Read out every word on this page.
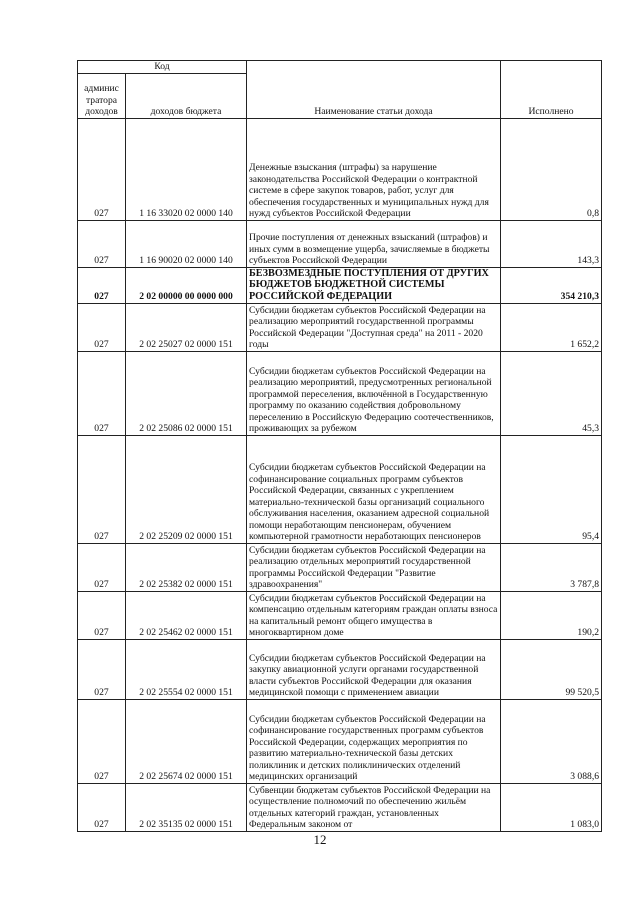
Код		Наименование статьи дохода	Исполнено
админис тратора доходов	доходов бюджета		
027	1 16 33020 02 0000 140	Денежные взыскания (штрафы) за нарушение законодательства Российской Федерации о контрактной системе в сфере закупок товаров, работ, услуг для обеспечения государственных и муниципальных нужд для нужд субъектов Российской Федерации	0,8
027	1 16 90020 02 0000 140	Прочие поступления от денежных взысканий (штрафов) и иных сумм в возмещение ущерба, зачисляемые в бюджеты субъектов Российской Федерации	143,3
027	2 02 00000 00 0000 000	БЕЗВОЗМЕЗДНЫЕ ПОСТУПЛЕНИЯ ОТ ДРУГИХ БЮДЖЕТОВ БЮДЖЕТНОЙ СИСТЕМЫ РОССИЙСКОЙ ФЕДЕРАЦИИ	354 210,3
027	2 02 25027 02 0000 151	Субсидии бюджетам субъектов Российской Федерации на реализацию мероприятий государственной программы Российской Федерации "Доступная среда" на 2011 - 2020 годы	1 652,2
027	2 02 25086 02 0000 151	Субсидии бюджетам субъектов Российской Федерации на реализацию мероприятий, предусмотренных региональной программой переселения, включённой в Государственную программу по оказанию содействия добровольному переселению в Российскую Федерацию соотечественников, проживающих за рубежом	45,3
027	2 02 25209 02 0000 151	Субсидии бюджетам субъектов Российской Федерации на софинансирование социальных программ субъектов Российской Федерации, связанных с укреплением материально-технической базы организаций социального обслуживания населения, оказанием адресной социальной помощи неработающим пенсионерам, обучением компьютерной грамотности неработающих пенсионеров	95,4
027	2 02 25382 02 0000 151	Субсидии бюджетам субъектов Российской Федерации на реализацию отдельных мероприятий государственной программы Российской Федерации "Развитие здравоохранения"	3 787,8
027	2 02 25462 02 0000 151	Субсидии бюджетам субъектов Российской Федерации на компенсацию отдельным категориям граждан оплаты взноса на капитальный ремонт общего имущества в многоквартирном доме	190,2
027	2 02 25554 02 0000 151	Субсидии бюджетам субъектов Российской Федерации на закупку авиационной услуги органами государственной власти субъектов Российской Федерации для оказания медицинской помощи с применением авиации	99 520,5
027	2 02 25674 02 0000 151	Субсидии бюджетам субъектов Российской Федерации на софинансирование государственных программ субъектов Российской Федерации, содержащих мероприятия по развитию материально-технической базы детских поликлиник и детских поликлинических отделений медицинских организаций	3 088,6
027	2 02 35135 02 0000 151	Субвенции бюджетам субъектов Российской Федерации на осуществление полномочий по обеспечению жильём отдельных категорий граждан, установленных Федеральным законом от	1 083,0
12
